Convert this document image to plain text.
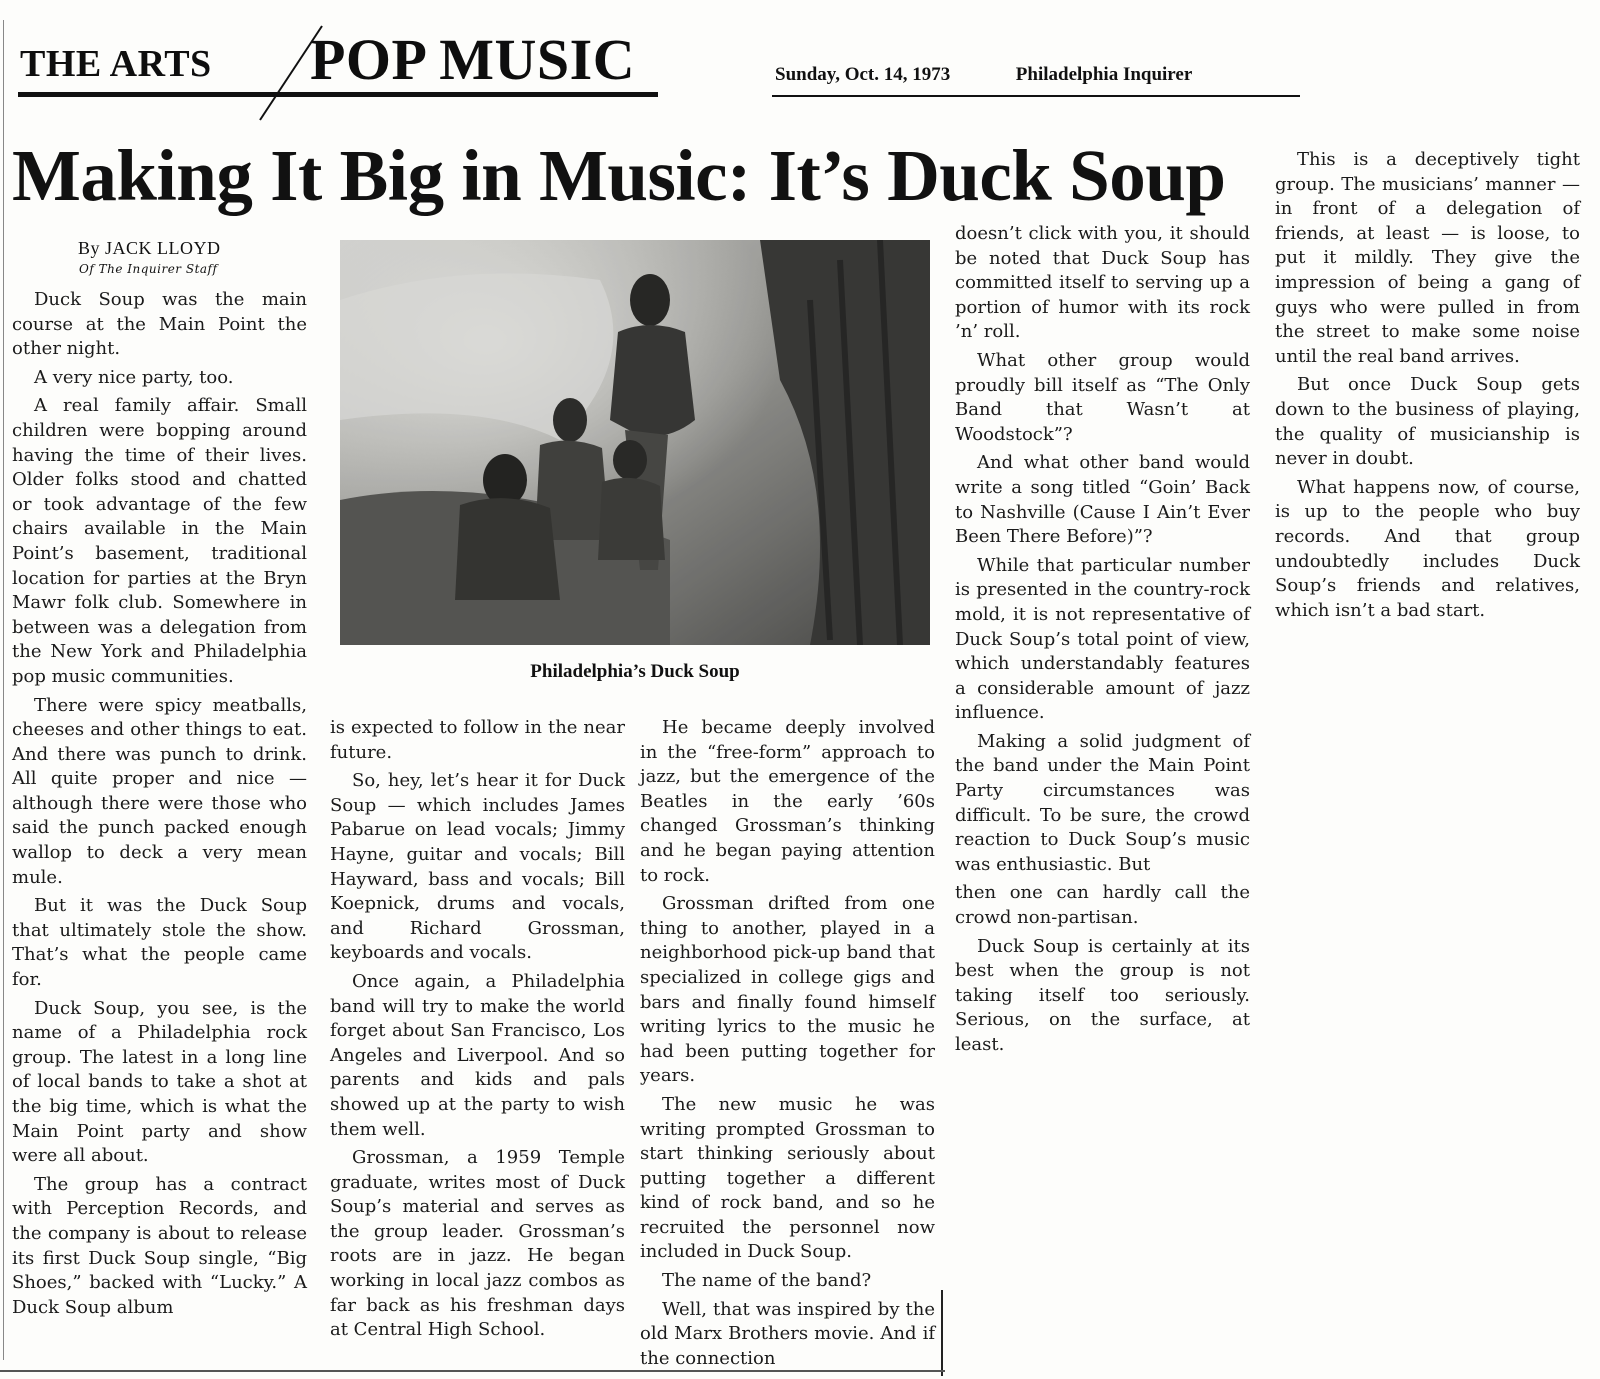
THE ARTS POP MUSIC	Sunday, Oct. 14, 1973	Philadelphia Inquirer
Making It Big in Music: It’s Duck Soup
By JACK LLOYD
Of The Inquirer Staff
Philadelphia’s Duck Soup

Duck Soup was the main course at the Main Point the other night.

A very nice party, too.

A real family affair. Small children were bopping around having the time of their lives. Older folks stood and chatted or took advantage of the few chairs available in the Main Point’s basement, traditional location for parties at the Bryn Mawr folk club. Somewhere in between was a delegation from the New York and Philadelphia pop music communities.

There were spicy meatballs, cheeses and other things to eat. And there was punch to drink. All quite proper and nice — although there were those who said the punch packed enough wallop to deck a very mean mule.

But it was the Duck Soup that ultimately stole the show. That’s what the people came for.

Duck Soup, you see, is the name of a Philadelphia rock group. The latest in a long line of local bands to take a shot at the big time, which is what the Main Point party and show were all about.

The group has a contract with Perception Records, and the company is about to release its first Duck Soup single, “Big Shoes,” backed with “Lucky.” A Duck Soup album

is expected to follow in the near future.

So, hey, let’s hear it for Duck Soup — which includes James Pabarue on lead vocals; Jimmy Hayne, guitar and vocals; Bill Hayward, bass and vocals; Bill Koepnick, drums and vocals, and Richard Grossman, keyboards and vocals.

Once again, a Philadelphia band will try to make the world forget about San Francisco, Los Angeles and Liverpool. And so parents and kids and pals showed up at the party to wish them well.

Grossman, a 1959 Temple graduate, writes most of Duck Soup’s material and serves as the group leader. Grossman’s roots are in jazz. He began working in local jazz combos as far back as his freshman days at Central High School.

He became deeply involved in the “free-form” approach to jazz, but the emergence of the Beatles in the early ’60s changed Grossman’s thinking and he began paying attention to rock.

Grossman drifted from one thing to another, played in a neighborhood pick-up band that specialized in college gigs and bars and finally found himself writing lyrics to the music he had been putting together for years.

The new music he was writing prompted Grossman to start thinking seriously about putting together a different kind of rock band, and so he recruited the personnel now included in Duck Soup.

The name of the band?

Well, that was inspired by the old Marx Brothers movie. And if the connection

doesn’t click with you, it should be noted that Duck Soup has committed itself to serving up a portion of humor with its rock ’n’ roll.

What other group would proudly bill itself as “The Only Band that Wasn’t at Woodstock”?

And what other band would write a song titled “Goin’ Back to Nashville (Cause I Ain’t Ever Been There Before)”?

While that particular number is presented in the country-rock mold, it is not representative of Duck Soup’s total point of view, which understandably features a considerable amount of jazz influence.

Making a solid judgment of the band under the Main Point Party circumstances was difficult. To be sure, the crowd reaction to Duck Soup’s music was enthusiastic. But

then one can hardly call the crowd non-partisan.

Duck Soup is certainly at its best when the group is not taking itself too seriously. Serious, on the surface, at least.

This is a deceptively tight group. The musicians’ manner — in front of a delegation of friends, at least — is loose, to put it mildly. They give the impression of being a gang of guys who were pulled in from the street to make some noise until the real band arrives.

But once Duck Soup gets down to the business of playing, the quality of musicianship is never in doubt.

What happens now, of course, is up to the people who buy records. And that group undoubtedly includes Duck Soup’s friends and relatives, which isn’t a bad start.
